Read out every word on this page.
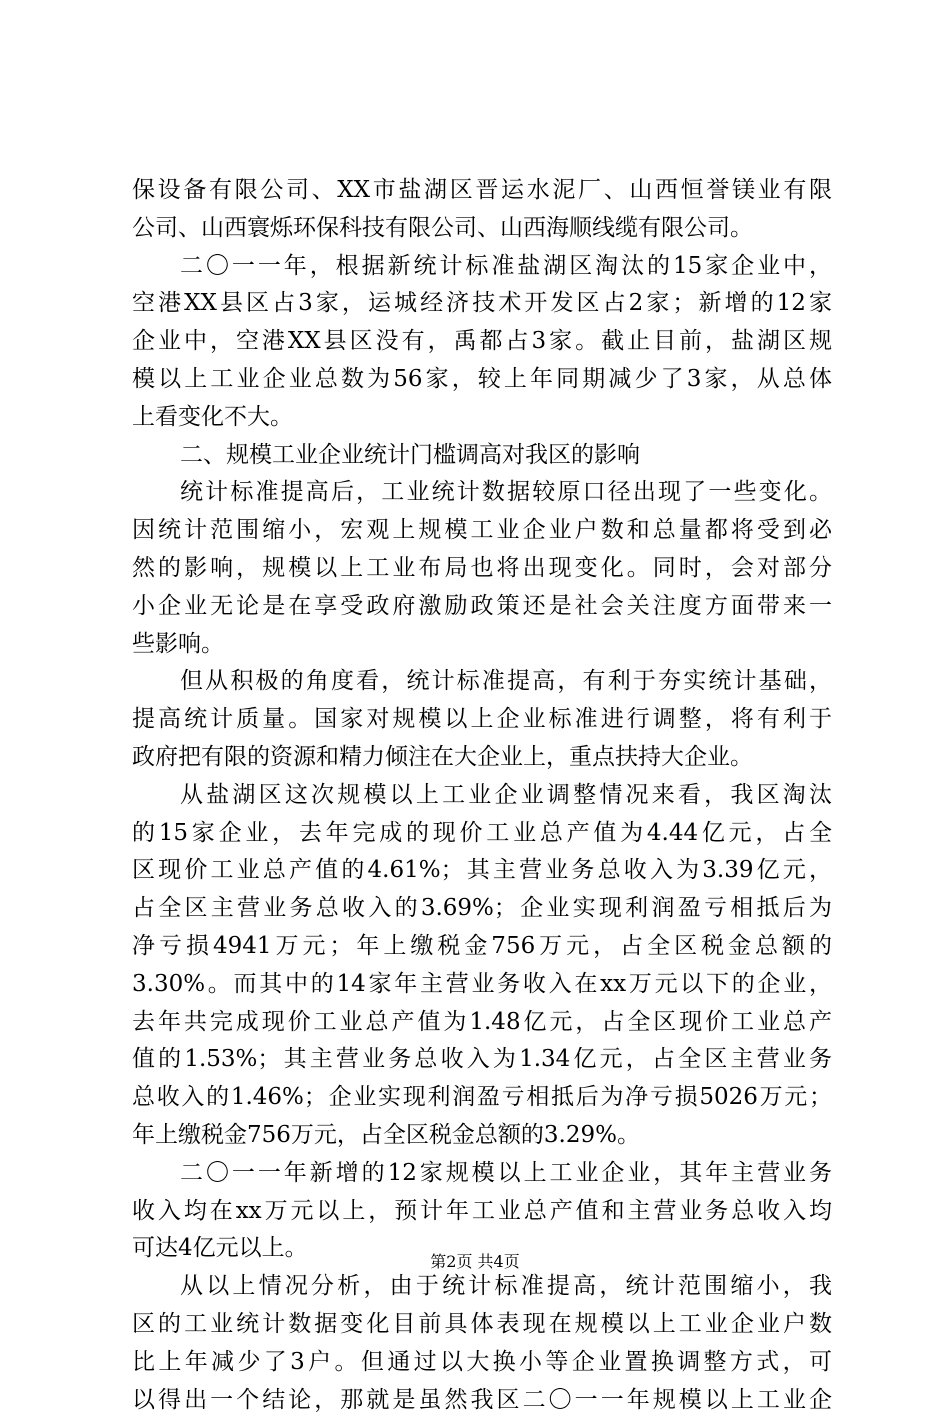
保设备有限公司、XX市盐湖区晋运水泥厂、山西恒誉镁业有限
公司、山西寰烁环保科技有限公司、山西海顺线缆有限公司。
二〇一一年，根据新统计标准盐湖区淘汰的15家企业中，
空港XX县区占3家，运城经济技术开发区占2家；新增的12家
企业中，空港XX县区没有，禹都占3家。截止目前，盐湖区规
模以上工业企业总数为56家，较上年同期减少了3家，从总体
上看变化不大。
二、规模工业企业统计门槛调高对我区的影响
统计标准提高后，工业统计数据较原口径出现了一些变化。
因统计范围缩小，宏观上规模工业企业户数和总量都将受到必
然的影响，规模以上工业布局也将出现变化。同时，会对部分
小企业无论是在享受政府激励政策还是社会关注度方面带来一
些影响。
但从积极的角度看，统计标准提高，有利于夯实统计基础，
提高统计质量。国家对规模以上企业标准进行调整，将有利于
政府把有限的资源和精力倾注在大企业上，重点扶持大企业。
从盐湖区这次规模以上工业企业调整情况来看，我区淘汰
的15家企业，去年完成的现价工业总产值为4.44亿元，占全
区现价工业总产值的4.61%；其主营业务总收入为3.39亿元，
占全区主营业务总收入的3.69%；企业实现利润盈亏相抵后为
净亏损4941万元；年上缴税金756万元，占全区税金总额的
3.30%。而其中的14家年主营业务收入在xx万元以下的企业，
去年共完成现价工业总产值为1.48亿元，占全区现价工业总产
值的1.53%；其主营业务总收入为1.34亿元，占全区主营业务
总收入的1.46%；企业实现利润盈亏相抵后为净亏损5026万元；
年上缴税金756万元，占全区税金总额的3.29%。
二〇一一年新增的12家规模以上工业企业，其年主营业务
收入均在xx万元以上，预计年工业总产值和主营业务总收入均
可达4亿元以上。
从以上情况分析，由于统计标准提高，统计范围缩小，我
区的工业统计数据变化目前具体表现在规模以上工业企业户数
比上年减少了3户。但通过以大换小等企业置换调整方式，可
以得出一个结论，那就是虽然我区二〇一一年规模以上工业企
第2页 共4页
